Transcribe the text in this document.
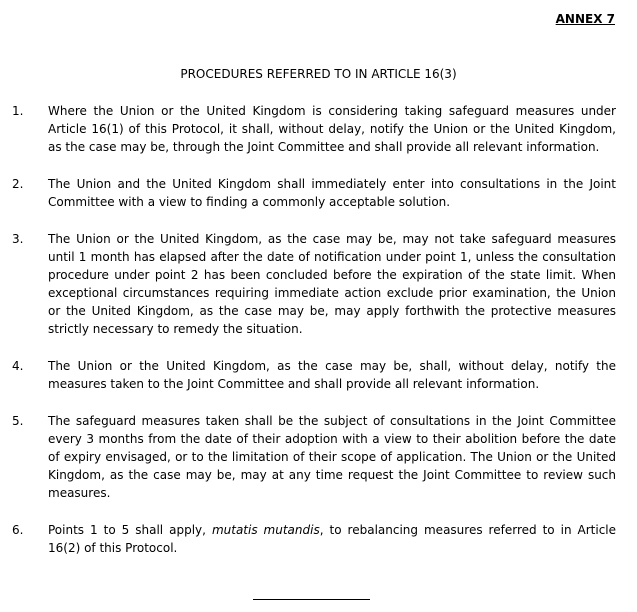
ANNEX 7
PROCEDURES REFERRED TO IN ARTICLE 16(3)
1. Where the Union or the United Kingdom is considering taking safeguard measures under Article 16(1) of this Protocol, it shall, without delay, notify the Union or the United Kingdom, as the case may be, through the Joint Committee and shall provide all relevant information.
2. The Union and the United Kingdom shall immediately enter into consultations in the Joint Committee with a view to finding a commonly acceptable solution.
3. The Union or the United Kingdom, as the case may be, may not take safeguard measures until 1 month has elapsed after the date of notification under point 1, unless the consultation procedure under point 2 has been concluded before the expiration of the state limit. When exceptional circumstances requiring immediate action exclude prior examination, the Union or the United Kingdom, as the case may be, may apply forthwith the protective measures strictly necessary to remedy the situation.
4. The Union or the United Kingdom, as the case may be, shall, without delay, notify the measures taken to the Joint Committee and shall provide all relevant information.
5. The safeguard measures taken shall be the subject of consultations in the Joint Committee every 3 months from the date of their adoption with a view to their abolition before the date of expiry envisaged, or to the limitation of their scope of application. The Union or the United Kingdom, as the case may be, may at any time request the Joint Committee to review such measures.
6. Points 1 to 5 shall apply, mutatis mutandis, to rebalancing measures referred to in Article 16(2) of this Protocol.
